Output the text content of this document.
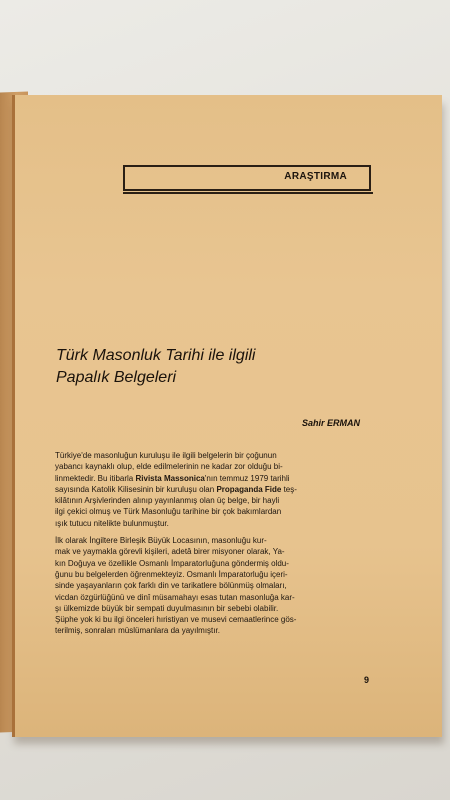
ARAŞTIRMA
Türk Masonluk Tarihi ile ilgili
Papalık Belgeleri
Sahir ERMAN

Türkiye'de masonluğun kuruluşu ile ilgili belgelerin bir çoğunun
yabancı kaynaklı olup, elde edilmelerinin ne kadar zor olduğu bi-
linmektedir. Bu itibarla Rivista Massonica'nın temmuz 1979 tarihli
sayısında Katolik Kilisesinin bir kuruluşu olan Propaganda Fide teş-
kilâtının Arşivlerinden alınıp yayınlanmış olan üç belge, bir hayli
ilgi çekici olmuş ve Türk Masonluğu tarihine bir çok bakımlardan
ışık tutucu nitelikte bulunmuştur.

İlk olarak İngiltere Birleşik Büyük Locasının, masonluğu kur-
mak ve yaymakla görevli kişileri, adetâ birer misyoner olarak, Ya-
kın Doğuya ve özellikle Osmanlı İmparatorluğuna göndermiş oldu-
ğunu bu belgelerden öğrenmekteyiz. Osmanlı İmparatorluğu içeri-
sinde yaşayanların çok farklı din ve tarikatlere bölünmüş olmaları,
vicdan özgürlüğünü ve dinî müsamahayı esas tutan masonluğa kar-
şı ülkemizde büyük bir sempati duyulmasının bir sebebi olabilir.
Şüphe yok ki bu ilgi önceleri hıristiyan ve musevi cemaatlerince gös-
terilmiş, sonraları müslümanlara da yayılmıştır.

9
